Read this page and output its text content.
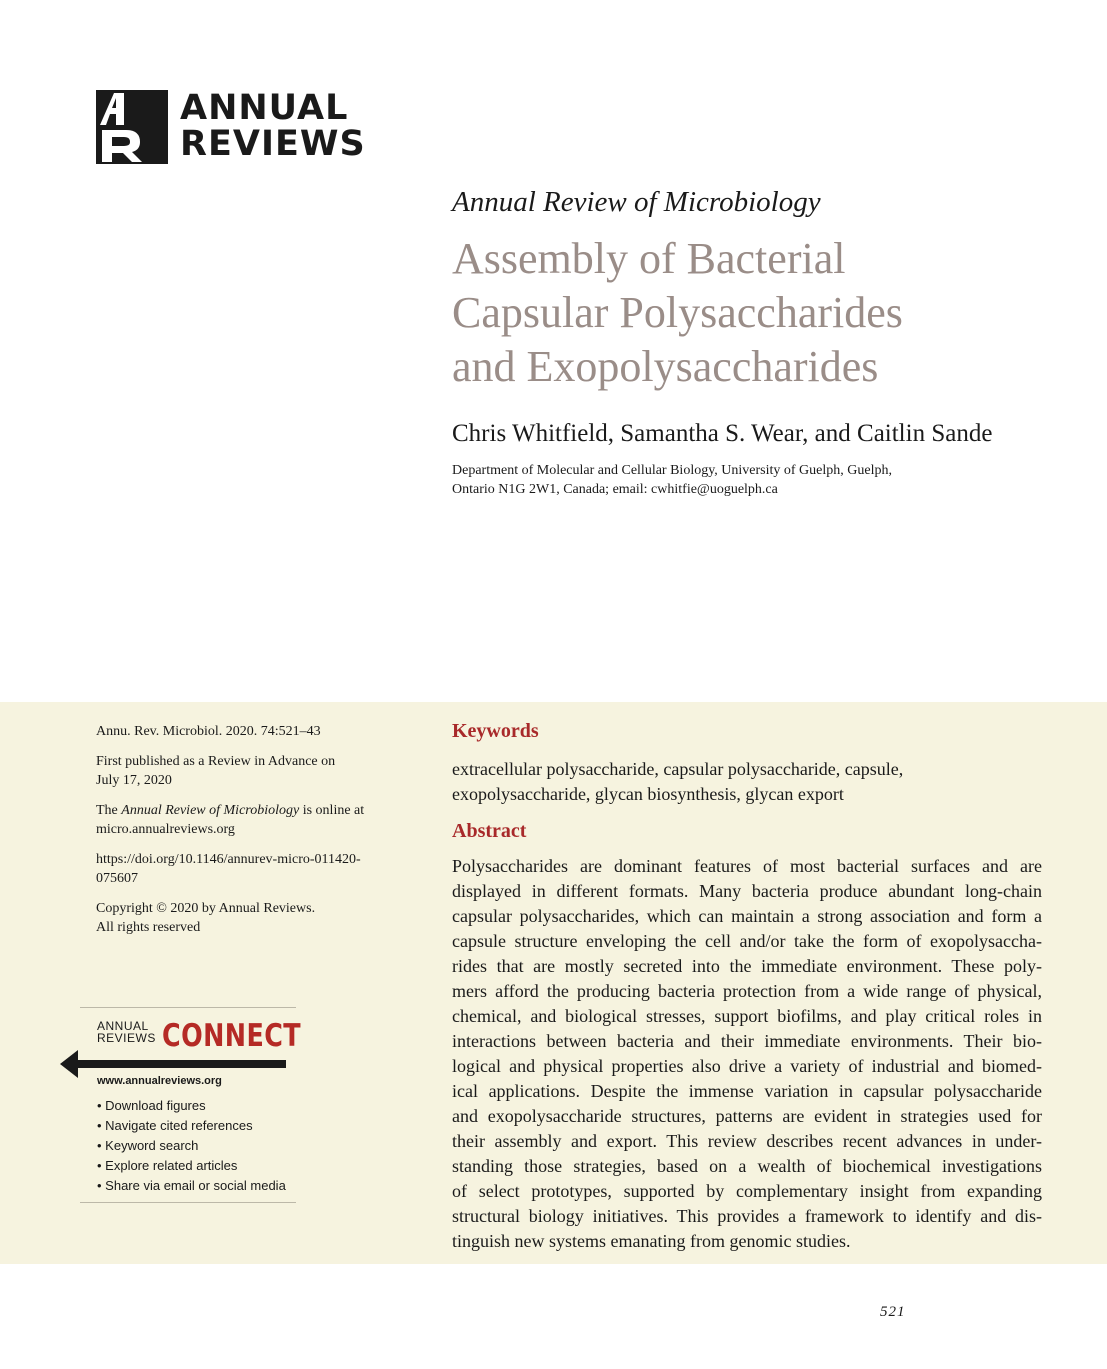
ANNUAL
REVIEWS
Annual Review of Microbiology
Assembly of Bacterial
Capsular Polysaccharides
and Exopolysaccharides
Chris Whitfield, Samantha S. Wear, and Caitlin Sande
Department of Molecular and Cellular Biology, University of Guelph, Guelph,
Ontario N1G 2W1, Canada; email: cwhitfie@uoguelph.ca

Annu. Rev. Microbiol. 2020. 74:521–43

First published as a Review in Advance on
July 17, 2020

The Annual Review of Microbiology is online at
micro.annualreviews.org

https://doi.org/10.1146/annurev-micro-011420-
075607

Copyright © 2020 by Annual Reviews.
All rights reserved

ANNUAL
REVIEWS CONNECT
www.annualreviews.org
• Download figures
• Navigate cited references
• Keyword search
• Explore related articles
• Share via email or social media
Keywords
extracellular polysaccharide, capsular polysaccharide, capsule,
exopolysaccharide, glycan biosynthesis, glycan export
Abstract
Polysaccharides are dominant features of most bacterial surfaces and are
displayed in different formats. Many bacteria produce abundant long-chain
capsular polysaccharides, which can maintain a strong association and form a
capsule structure enveloping the cell and/or take the form of exopolysaccha-
rides that are mostly secreted into the immediate environment. These poly-
mers afford the producing bacteria protection from a wide range of physical,
chemical, and biological stresses, support biofilms, and play critical roles in
interactions between bacteria and their immediate environments. Their bio-
logical and physical properties also drive a variety of industrial and biomed-
ical applications. Despite the immense variation in capsular polysaccharide
and exopolysaccharide structures, patterns are evident in strategies used for
their assembly and export. This review describes recent advances in under-
standing those strategies, based on a wealth of biochemical investigations
of select prototypes, supported by complementary insight from expanding
structural biology initiatives. This provides a framework to identify and dis-
tinguish new systems emanating from genomic studies.
521
